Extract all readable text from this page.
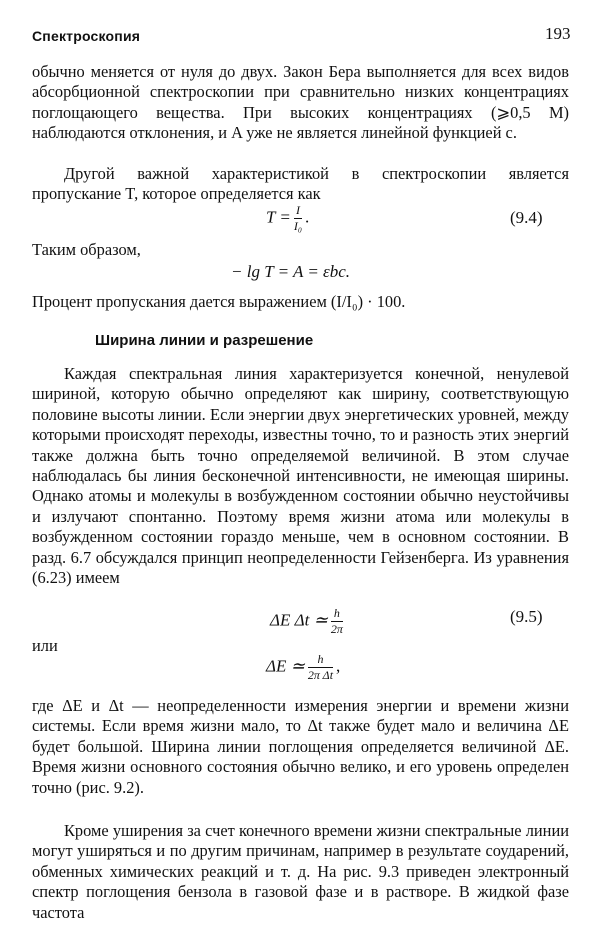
Спектроскопия	193

обычно меняется от нуля до двух. Закон Бера выполняется для всех видов абсорбционной спектроскопии при сравнительно низких концентрациях поглощающего вещества. При высоких концентрациях (⩾0,5 М) наблюдаются отклонения, и A уже не является линейной функцией c.

Другой важной характеристикой в спектроскопии является пропускание T, которое определяется как

$T = \frac{I}{\text{I₀}}$ .	(9.4)
Таким образом,
− lg T = A = εbc.
Процент пропускания дается выражением (I/I₀) · 100.
Ширина линии и разрешение

Каждая спектральная линия характеризуется конечной, ненулевой шириной, которую обычно определяют как ширину, соответствующую половине высоты линии. Если энергии двух энергетических уровней, между которыми происходят переходы, известны точно, то и разность этих энергий также должна быть точно определяемой величиной. В этом случае наблюдалась бы линия бесконечной интенсивности, не имеющая ширины. Однако атомы и молекулы в возбужденном состоянии обычно неустойчивы и излучают спонтанно. Поэтому время жизни атома или молекулы в возбужденном состоянии гораздо меньше, чем в основном состоянии. В разд. 6.7 обсуждался принцип неопределенности Гейзенберга. Из уравнения (6.23) имеем

ΔE Δt ≃ $\frac{h}{2\pi}$	(9.5)
или
ΔE ≃ $\frac{h}{\text{2π Δt}}$ ,

где ΔE и Δt — неопределенности измерения энергии и времени жизни системы. Если время жизни мало, то Δt также будет мало и величина ΔE будет большой. Ширина линии поглощения определяется величиной ΔE. Время жизни основного состояния обычно велико, и его уровень определен точно (рис. 9.2).

Кроме уширения за счет конечного времени жизни спектральные линии могут уширяться и по другим причинам, например в результате соударений, обменных химических реакций и т. д. На рис. 9.3 приведен электронный спектр поглощения бензола в газовой фазе и в растворе. В жидкой фазе частота
